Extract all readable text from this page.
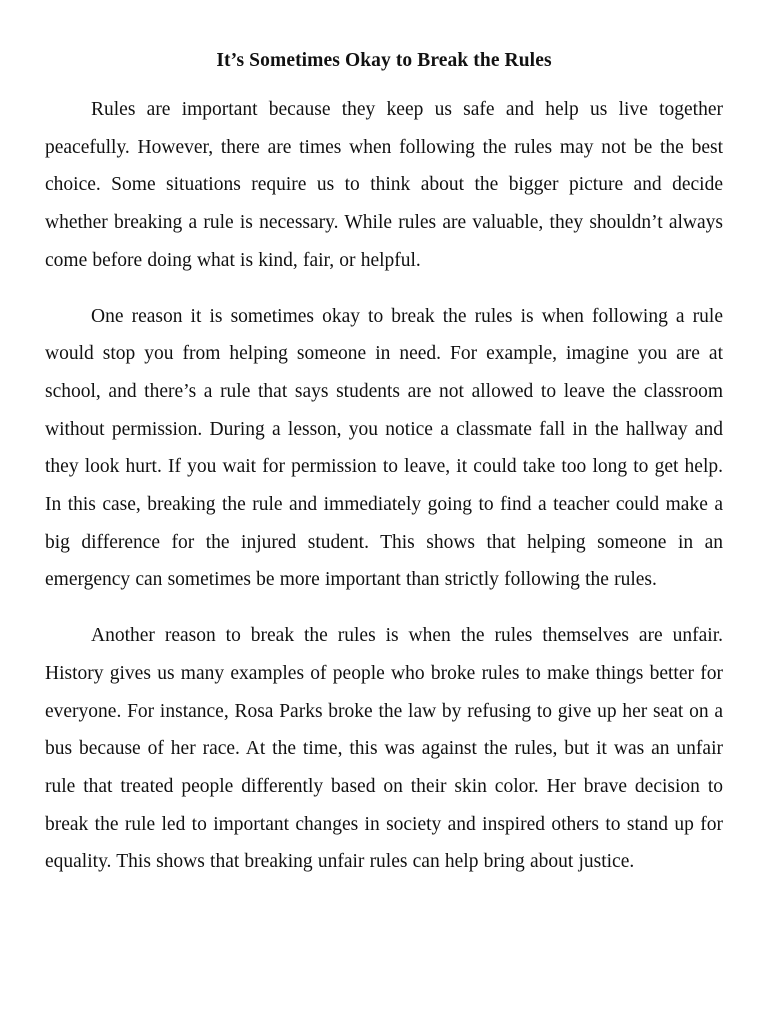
It’s Sometimes Okay to Break the Rules

Rules are important because they keep us safe and help us live together peacefully. However, there are times when following the rules may not be the best choice. Some situations require us to think about the bigger picture and decide whether breaking a rule is necessary. While rules are valuable, they shouldn’t always come before doing what is kind, fair, or helpful.

One reason it is sometimes okay to break the rules is when following a rule would stop you from helping someone in need. For example, imagine you are at school, and there’s a rule that says students are not allowed to leave the classroom without permission. During a lesson, you notice a classmate fall in the hallway and they look hurt. If you wait for permission to leave, it could take too long to get help. In this case, breaking the rule and immediately going to find a teacher could make a big difference for the injured student. This shows that helping someone in an emergency can sometimes be more important than strictly following the rules.

Another reason to break the rules is when the rules themselves are unfair. History gives us many examples of people who broke rules to make things better for everyone. For instance, Rosa Parks broke the law by refusing to give up her seat on a bus because of her race. At the time, this was against the rules, but it was an unfair rule that treated people differently based on their skin color. Her brave decision to break the rule led to important changes in society and inspired others to stand up for equality. This shows that breaking unfair rules can help bring about justice.
